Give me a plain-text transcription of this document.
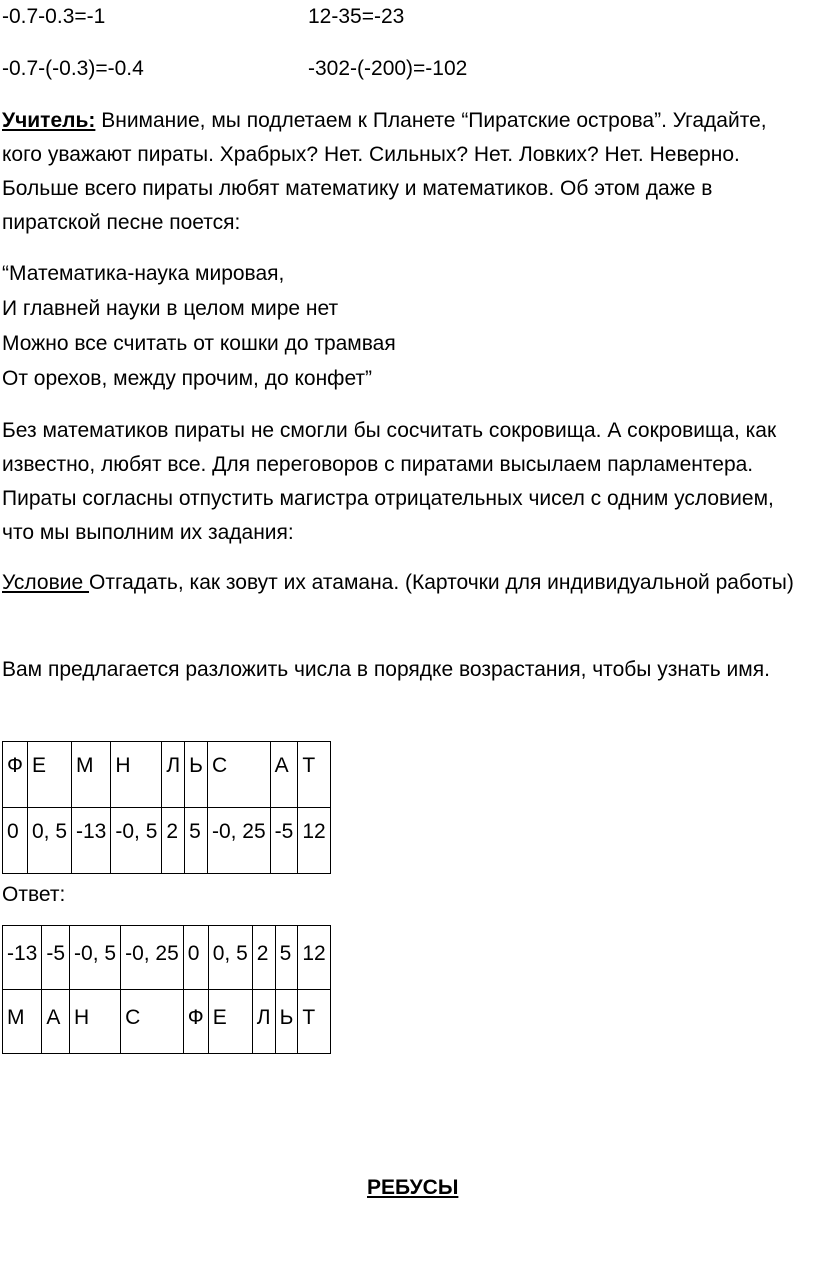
-0.7-0.3=-1	12-35=-23
-0.7-(-0.3)=-0.4	-302-(-200)=-102

Учитель: Внимание, мы подлетаем к Планете “Пиратские острова”. Угадайте, кого уважают пираты. Храбрых? Нет. Сильных? Нет. Ловких? Нет. Неверно. Больше всего пираты любят математику и математиков. Об этом даже в пиратской песне поется:

“Математика-наука мировая,
И главней науки в целом мире нет
Можно все считать от кошки до трамвая
От орехов, между прочим, до конфет”

Без математиков пираты не смогли бы сосчитать сокровища. А сокровища, как известно, любят все. Для переговоров с пиратами высылаем парламентера. Пираты согласны отпустить магистра отрицательных чисел с одним условием, что мы выполним их задания:

Условие Отгадать, как зовут их атамана. (Карточки для индивидуальной работы)

Вам предлагается разложить числа в порядке возрастания, чтобы узнать имя.

Ф	Е	М	Н	Л	Ь	С	А	Т
0	0, 5	-13	-0, 5	2	5	-0, 25	-5	12
Ответ:
-13	-5	-0, 5	-0, 25	0	0, 5	2	5	12
М	А	Н	С	Ф	Е	Л	Ь	Т
РЕБУСЫ
